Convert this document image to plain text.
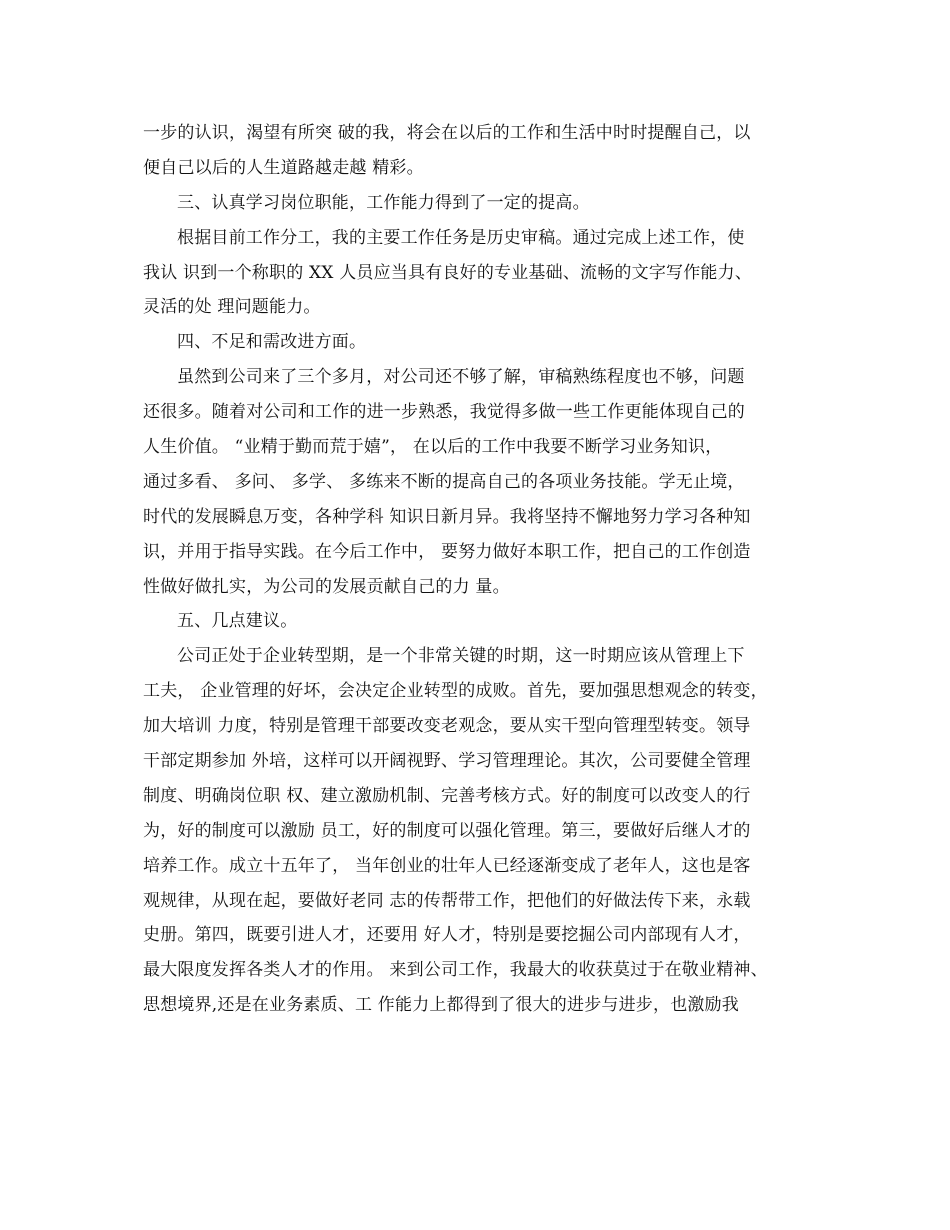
一步的认识，渴望有所突 破的我，将会在以后的工作和生活中时时提醒自己，以
便自己以后的人生道路越走越 精彩。
三、认真学习岗位职能，工作能力得到了一定的提高。
根据目前工作分工，我的主要工作任务是历史审稿。通过完成上述工作，使
我认 识到一个称职的 XX 人员应当具有良好的专业基础、流畅的文字写作能力、
灵活的处 理问题能力。
四、不足和需改进方面。
虽然到公司来了三个多月，对公司还不够了解，审稿熟练程度也不够，问题
还很多。随着对公司和工作的进一步熟悉，我觉得多做一些工作更能体现自己的
人生价值。 “业精于勤而荒于嬉”， 在以后的工作中我要不断学习业务知识，
通过多看、 多问、 多学、 多练来不断的提高自己的各项业务技能。学无止境，
时代的发展瞬息万变，各种学科 知识日新月异。我将坚持不懈地努力学习各种知
识，并用于指导实践。在今后工作中， 要努力做好本职工作，把自己的工作创造
性做好做扎实，为公司的发展贡献自己的力 量。
五、几点建议。
公司正处于企业转型期，是一个非常关键的时期，这一时期应该从管理上下
工夫， 企业管理的好坏，会决定企业转型的成败。首先，要加强思想观念的转变，
加大培训 力度，特别是管理干部要改变老观念，要从实干型向管理型转变。领导
干部定期参加 外培，这样可以开阔视野、学习管理理论。其次，公司要健全管理
制度、明确岗位职 权、建立激励机制、完善考核方式。好的制度可以改变人的行
为，好的制度可以激励 员工，好的制度可以强化管理。第三，要做好后继人才的
培养工作。成立十五年了， 当年创业的壮年人已经逐渐变成了老年人，这也是客
观规律，从现在起，要做好老同 志的传帮带工作，把他们的好做法传下来，永载
史册。第四，既要引进人才，还要用 好人才，特别是要挖掘公司内部现有人才，
最大限度发挥各类人才的作用。 来到公司工作，我最大的收获莫过于在敬业精神、
思想境界,还是在业务素质、工 作能力上都得到了很大的进步与进步，也激励我
